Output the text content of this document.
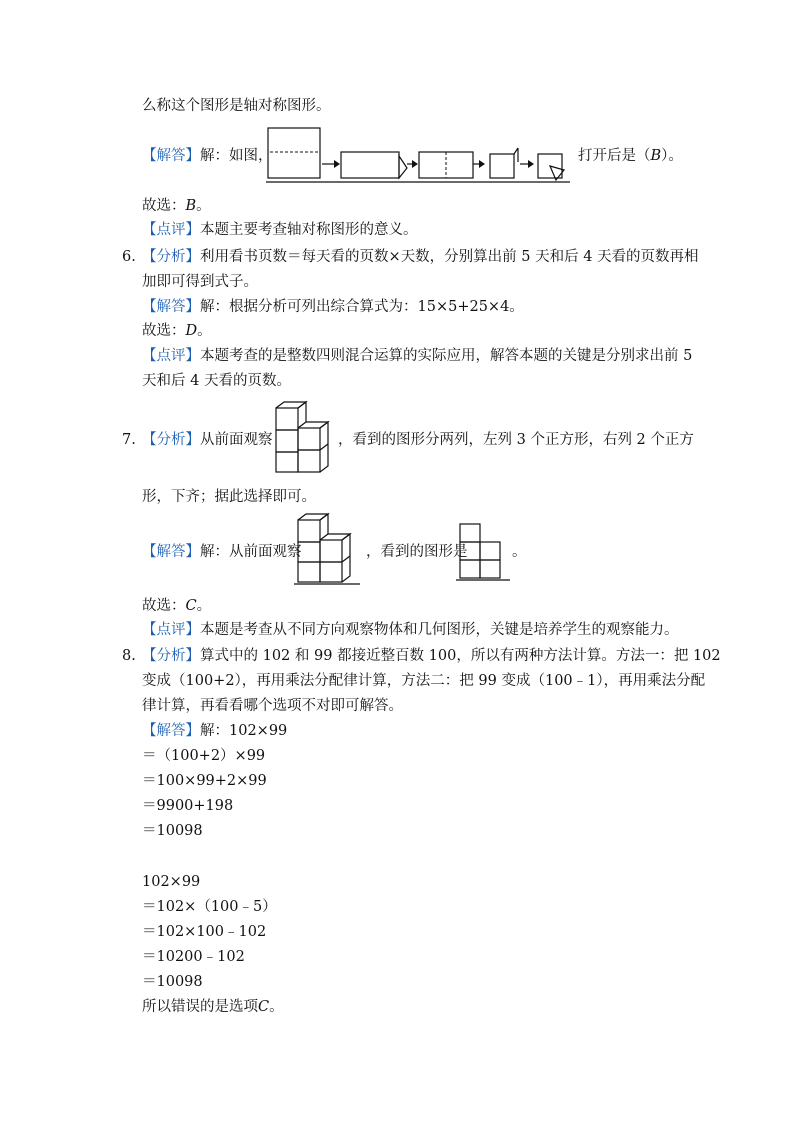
么称这个图形是轴对称图形。
【解答】解：如图，	打开后是（B）。
故选：B。
【点评】本题主要考查轴对称图形的意义。
6. 【分析】利用看书页数＝每天看的页数×天数，分别算出前 5 天和后 4 天看的页数再相
加即可得到式子。
【解答】解：根据分析可列出综合算式为：15×5+25×4。
故选：D。
【点评】本题考查的是整数四则混合运算的实际应用，解答本题的关键是分别求出前 5
天和后 4 天看的页数。
7. 【分析】从前面观察	，看到的图形分两列，左列 3 个正方形，右列 2 个正方
形，下齐；据此选择即可。
【解答】解：从前面观察	，看到的图形是	。
故选：C。
【点评】本题是考查从不同方向观察物体和几何图形，关键是培养学生的观察能力。
8. 【分析】算式中的 102 和 99 都接近整百数 100，所以有两种方法计算。方法一：把 102
变成（100+2），再用乘法分配律计算，方法二：把 99 变成（100﹣1），再用乘法分配
律计算，再看看哪个选项不对即可解答。
【解答】解：102×99
＝（100+2）×99
＝100×99+2×99
＝9900+198
＝10098
102×99
＝102×（100﹣5）
＝102×100﹣102
＝10200﹣102
＝10098
所以错误的是选项C。
